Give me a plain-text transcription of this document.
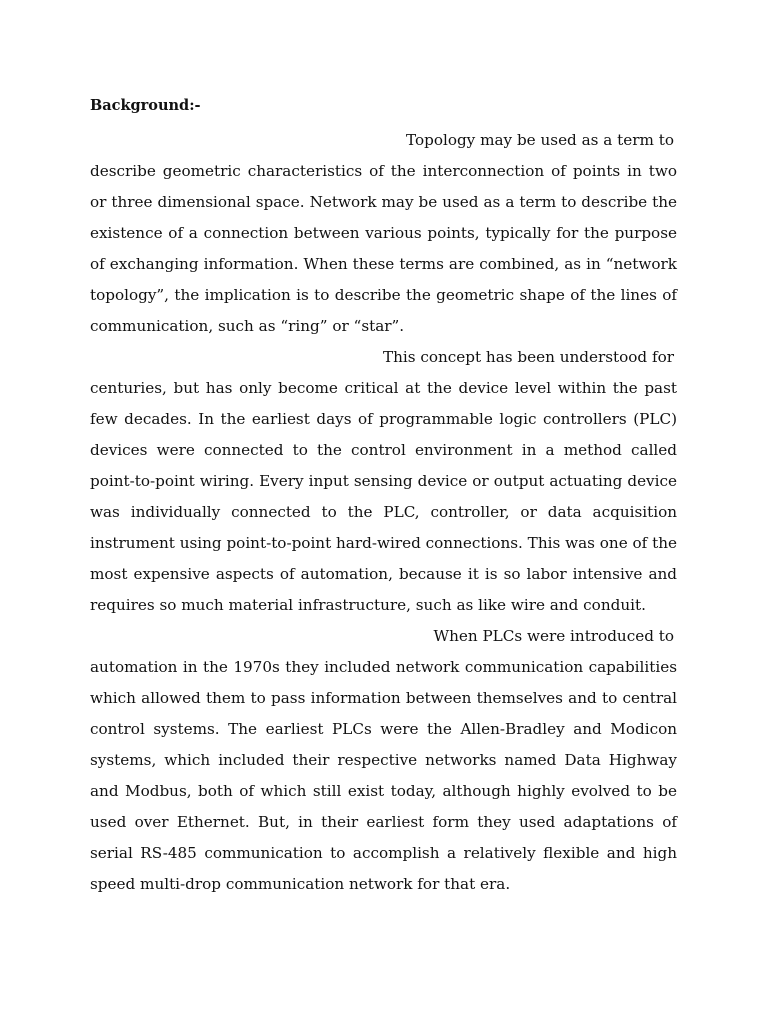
Background:-
Topology may be used as a term to
describe geometric characteristics of the interconnection of points in two or three dimensional space. Network may be used as a term to describe the existence of a connection between various points, typically for the purpose of exchanging information. When these terms are combined, as in “network topology”, the implication is to describe the geometric shape of the lines of communication, such as “ring” or “star”.
This concept has been understood for
centuries, but has only become critical at the device level within the past few decades. In the earliest days of programmable logic controllers (PLC) devices were connected to the control environment in a method called point-to-point wiring. Every input sensing device or output actuating device was individually connected to the PLC, controller, or data acquisition instrument using point-to-point hard-wired connections. This was one of the most expensive aspects of automation, because it is so labor intensive and requires so much material infrastructure, such as like wire and conduit.
When PLCs were introduced to
automation in the 1970s they included network communication capabilities which allowed them to pass information between themselves and to central control systems. The earliest PLCs were the Allen-Bradley and Modicon systems, which included their respective networks named Data Highway and Modbus, both of which still exist today, although highly evolved to be used over Ethernet. But, in their earliest form they used adaptations of serial RS-485 communication to accomplish a relatively flexible and high speed multi-drop communication network for that era.
